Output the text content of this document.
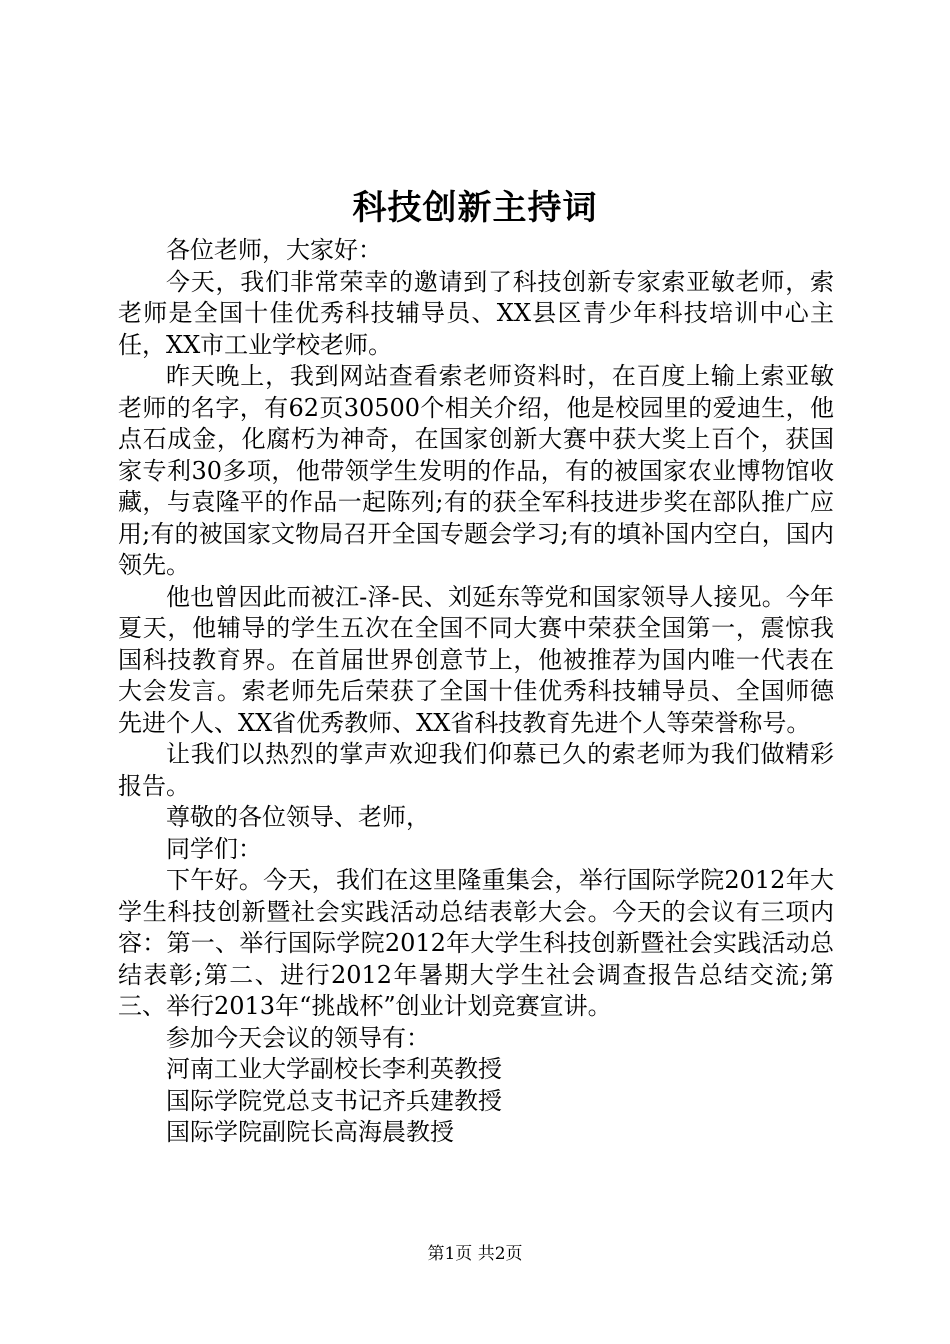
科技创新主持词

各位老师，大家好：

今天，我们非常荣幸的邀请到了科技创新专家索亚敏老师，索老师是全国十佳优秀科技辅导员、XX县区青少年科技培训中心主任，XX市工业学校老师。

昨天晚上，我到网站查看索老师资料时，在百度上输上索亚敏老师的名字，有62页30500个相关介绍，他是校园里的爱迪生，他点石成金，化腐朽为神奇，在国家创新大赛中获大奖上百个，获国家专利30多项，他带领学生发明的作品，有的被国家农业博物馆收藏，与袁隆平的作品一起陈列;有的获全军科技进步奖在部队推广应用;有的被国家文物局召开全国专题会学习;有的填补国内空白，国内领先。

他也曾因此而被江-泽-民、刘延东等党和国家领导人接见。今年夏天，他辅导的学生五次在全国不同大赛中荣获全国第一，震惊我国科技教育界。在首届世界创意节上，他被推荐为国内唯一代表在大会发言。索老师先后荣获了全国十佳优秀科技辅导员、全国师德先进个人、XX省优秀教师、XX省科技教育先进个人等荣誉称号。

让我们以热烈的掌声欢迎我们仰慕已久的索老师为我们做精彩报告。

尊敬的各位领导、老师，

同学们：

下午好。今天，我们在这里隆重集会，举行国际学院2012年大学生科技创新暨社会实践活动总结表彰大会。今天的会议有三项内容：第一、举行国际学院2012年大学生科技创新暨社会实践活动总结表彰;第二、进行2012年暑期大学生社会调查报告总结交流;第三、举行2013年“挑战杯”创业计划竞赛宣讲。

参加今天会议的领导有：

河南工业大学副校长李利英教授

国际学院党总支书记齐兵建教授

国际学院副院长高海晨教授

第1页 共2页
